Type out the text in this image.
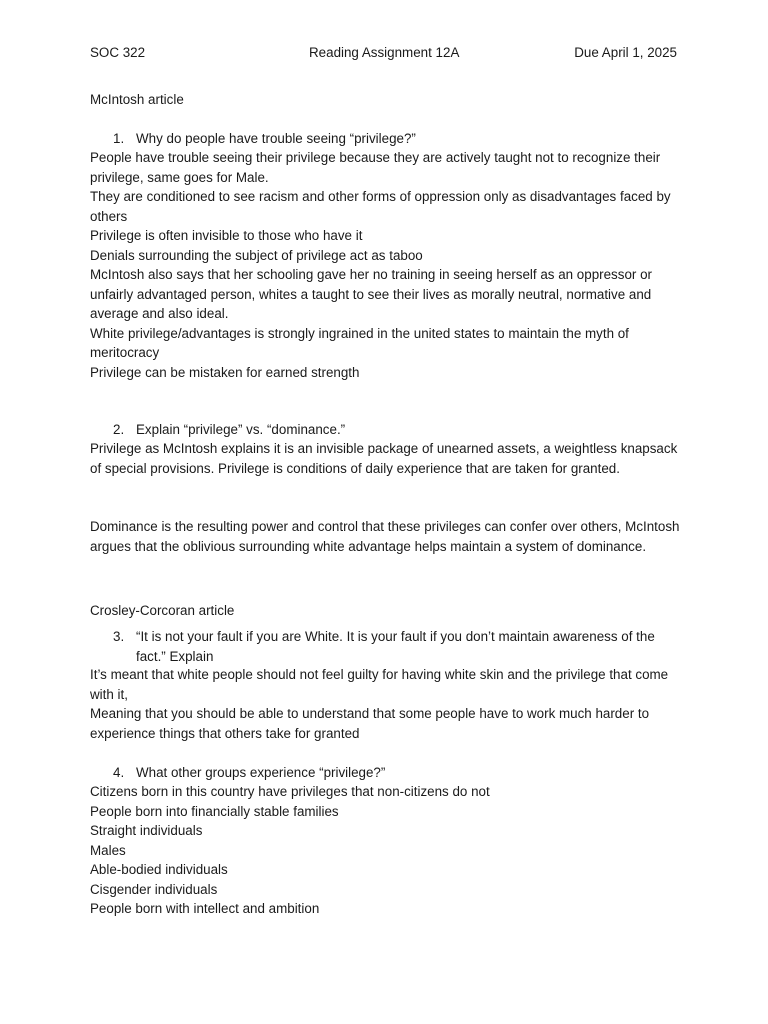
SOC 322	Reading Assignment 12A	Due April 1, 2025

McIntosh article

1. Why do people have trouble seeing “privilege?”

People have trouble seeing their privilege because they are actively taught not to recognize their privilege, same goes for Male.

They are conditioned to see racism and other forms of oppression only as disadvantages faced by others

Privilege is often invisible to those who have it

Denials surrounding the subject of privilege act as taboo

McIntosh also says that her schooling gave her no training in seeing herself as an oppressor or unfairly advantaged person, whites a taught to see their lives as morally neutral, normative and average and also ideal.

White privilege/advantages is strongly ingrained in the united states to maintain the myth of meritocracy

Privilege can be mistaken for earned strength

2. Explain “privilege” vs. “dominance.”

Privilege as McIntosh explains it is an invisible package of unearned assets, a weightless knapsack of special provisions. Privilege is conditions of daily experience that are taken for granted.

Dominance is the resulting power and control that these privileges can confer over others, McIntosh argues that the oblivious surrounding white advantage helps maintain a system of dominance.

Crosley-Corcoran article

3. “It is not your fault if you are White. It is your fault if you don’t maintain awareness of the fact.” Explain

It’s meant that white people should not feel guilty for having white skin and the privilege that come with it,

Meaning that you should be able to understand that some people have to work much harder to experience things that others take for granted

4. What other groups experience “privilege?”

Citizens born in this country have privileges that non-citizens do not

People born into financially stable families

Straight individuals

Males

Able-bodied individuals

Cisgender individuals

People born with intellect and ambition
